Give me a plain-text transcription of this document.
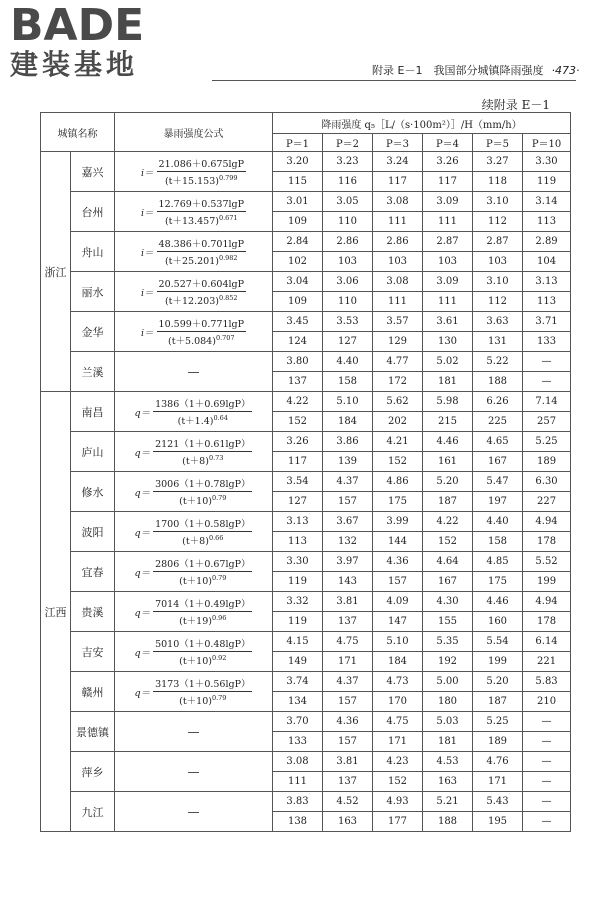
BADE
建装基地	附录 E－1　我国部分城镇降雨强度 ·473·
续附录 E－1
城镇名称		暴雨强度公式	降雨强度 q₅［L/（s·100m²）］/H（mm/h）					
			P＝1	P＝2	P＝3	P＝4	P＝5	P＝10
浙江	嘉兴	$i= \frac{21.086+0.675\lg P}{(t+15.153)^{0.799}}$	3.20	3.23	3.24	3.26	3.27	3.30
			115	116	117	117	118	119
	台州	$i= \frac{12.769+0.537\lg P}{(t+13.457)^{0.671}}$	3.01	3.05	3.08	3.09	3.10	3.14
			109	110	111	111	112	113
	舟山	$i= \frac{48.386+0.701\lg P}{(t+25.201)^{0.982}}$	2.84	2.86	2.86	2.87	2.87	2.89
			102	103	103	103	103	104
	丽水	$i= \frac{20.527+0.604\lg P}{(t+12.203)^{0.852}}$	3.04	3.06	3.08	3.09	3.10	3.13
			109	110	111	111	112	113
	金华	$i= \frac{10.599+0.771\lg P}{(t+5.084)^{0.707}}$	3.45	3.53	3.57	3.61	3.63	3.71
			124	127	129	130	131	133
	兰溪	—	3.80	4.40	4.77	5.02	5.22	—
			137	158	172	181	188	—
江西	南昌	$q= \frac{1386(1+0.69\lg P)}{(t+1.4)^{0.64}}$	4.22	5.10	5.62	5.98	6.26	7.14
			152	184	202	215	225	257
	庐山	$q= \frac{2121(1+0.61\lg P)}{(t+8)^{0.73}}$	3.26	3.86	4.21	4.46	4.65	5.25
			117	139	152	161	167	189
	修水	$q= \frac{3006(1+0.78\lg P)}{(t+10)^{0.79}}$	3.54	4.37	4.86	5.20	5.47	6.30
			127	157	175	187	197	227
	波阳	$q= \frac{1700(1+0.58\lg P)}{(t+8)^{0.66}}$	3.13	3.67	3.99	4.22	4.40	4.94
			113	132	144	152	158	178
	宜春	$q= \frac{2806(1+0.67\lg P)}{(t+10)^{0.79}}$	3.30	3.97	4.36	4.64	4.85	5.52
			119	143	157	167	175	199
	贵溪	$q= \frac{7014(1+0.49\lg P)}{(t+19)^{0.96}}$	3.32	3.81	4.09	4.30	4.46	4.94
			119	137	147	155	160	178
	吉安	$q= \frac{5010(1+0.48\lg P)}{(t+10)^{0.92}}$	4.15	4.75	5.10	5.35	5.54	6.14
			149	171	184	192	199	221
	赣州	$q= \frac{3173(1+0.56\lg P)}{(t+10)^{0.79}}$	3.74	4.37	4.73	5.00	5.20	5.83
			134	157	170	180	187	210
	景德镇	—	3.70	4.36	4.75	5.03	5.25	—
			133	157	171	181	189	—
	萍乡	—	3.08	3.81	4.23	4.53	4.76	—
			111	137	152	163	171	—
	九江	—	3.83	4.52	4.93	5.21	5.43	—
			138	163	177	188	195	—
